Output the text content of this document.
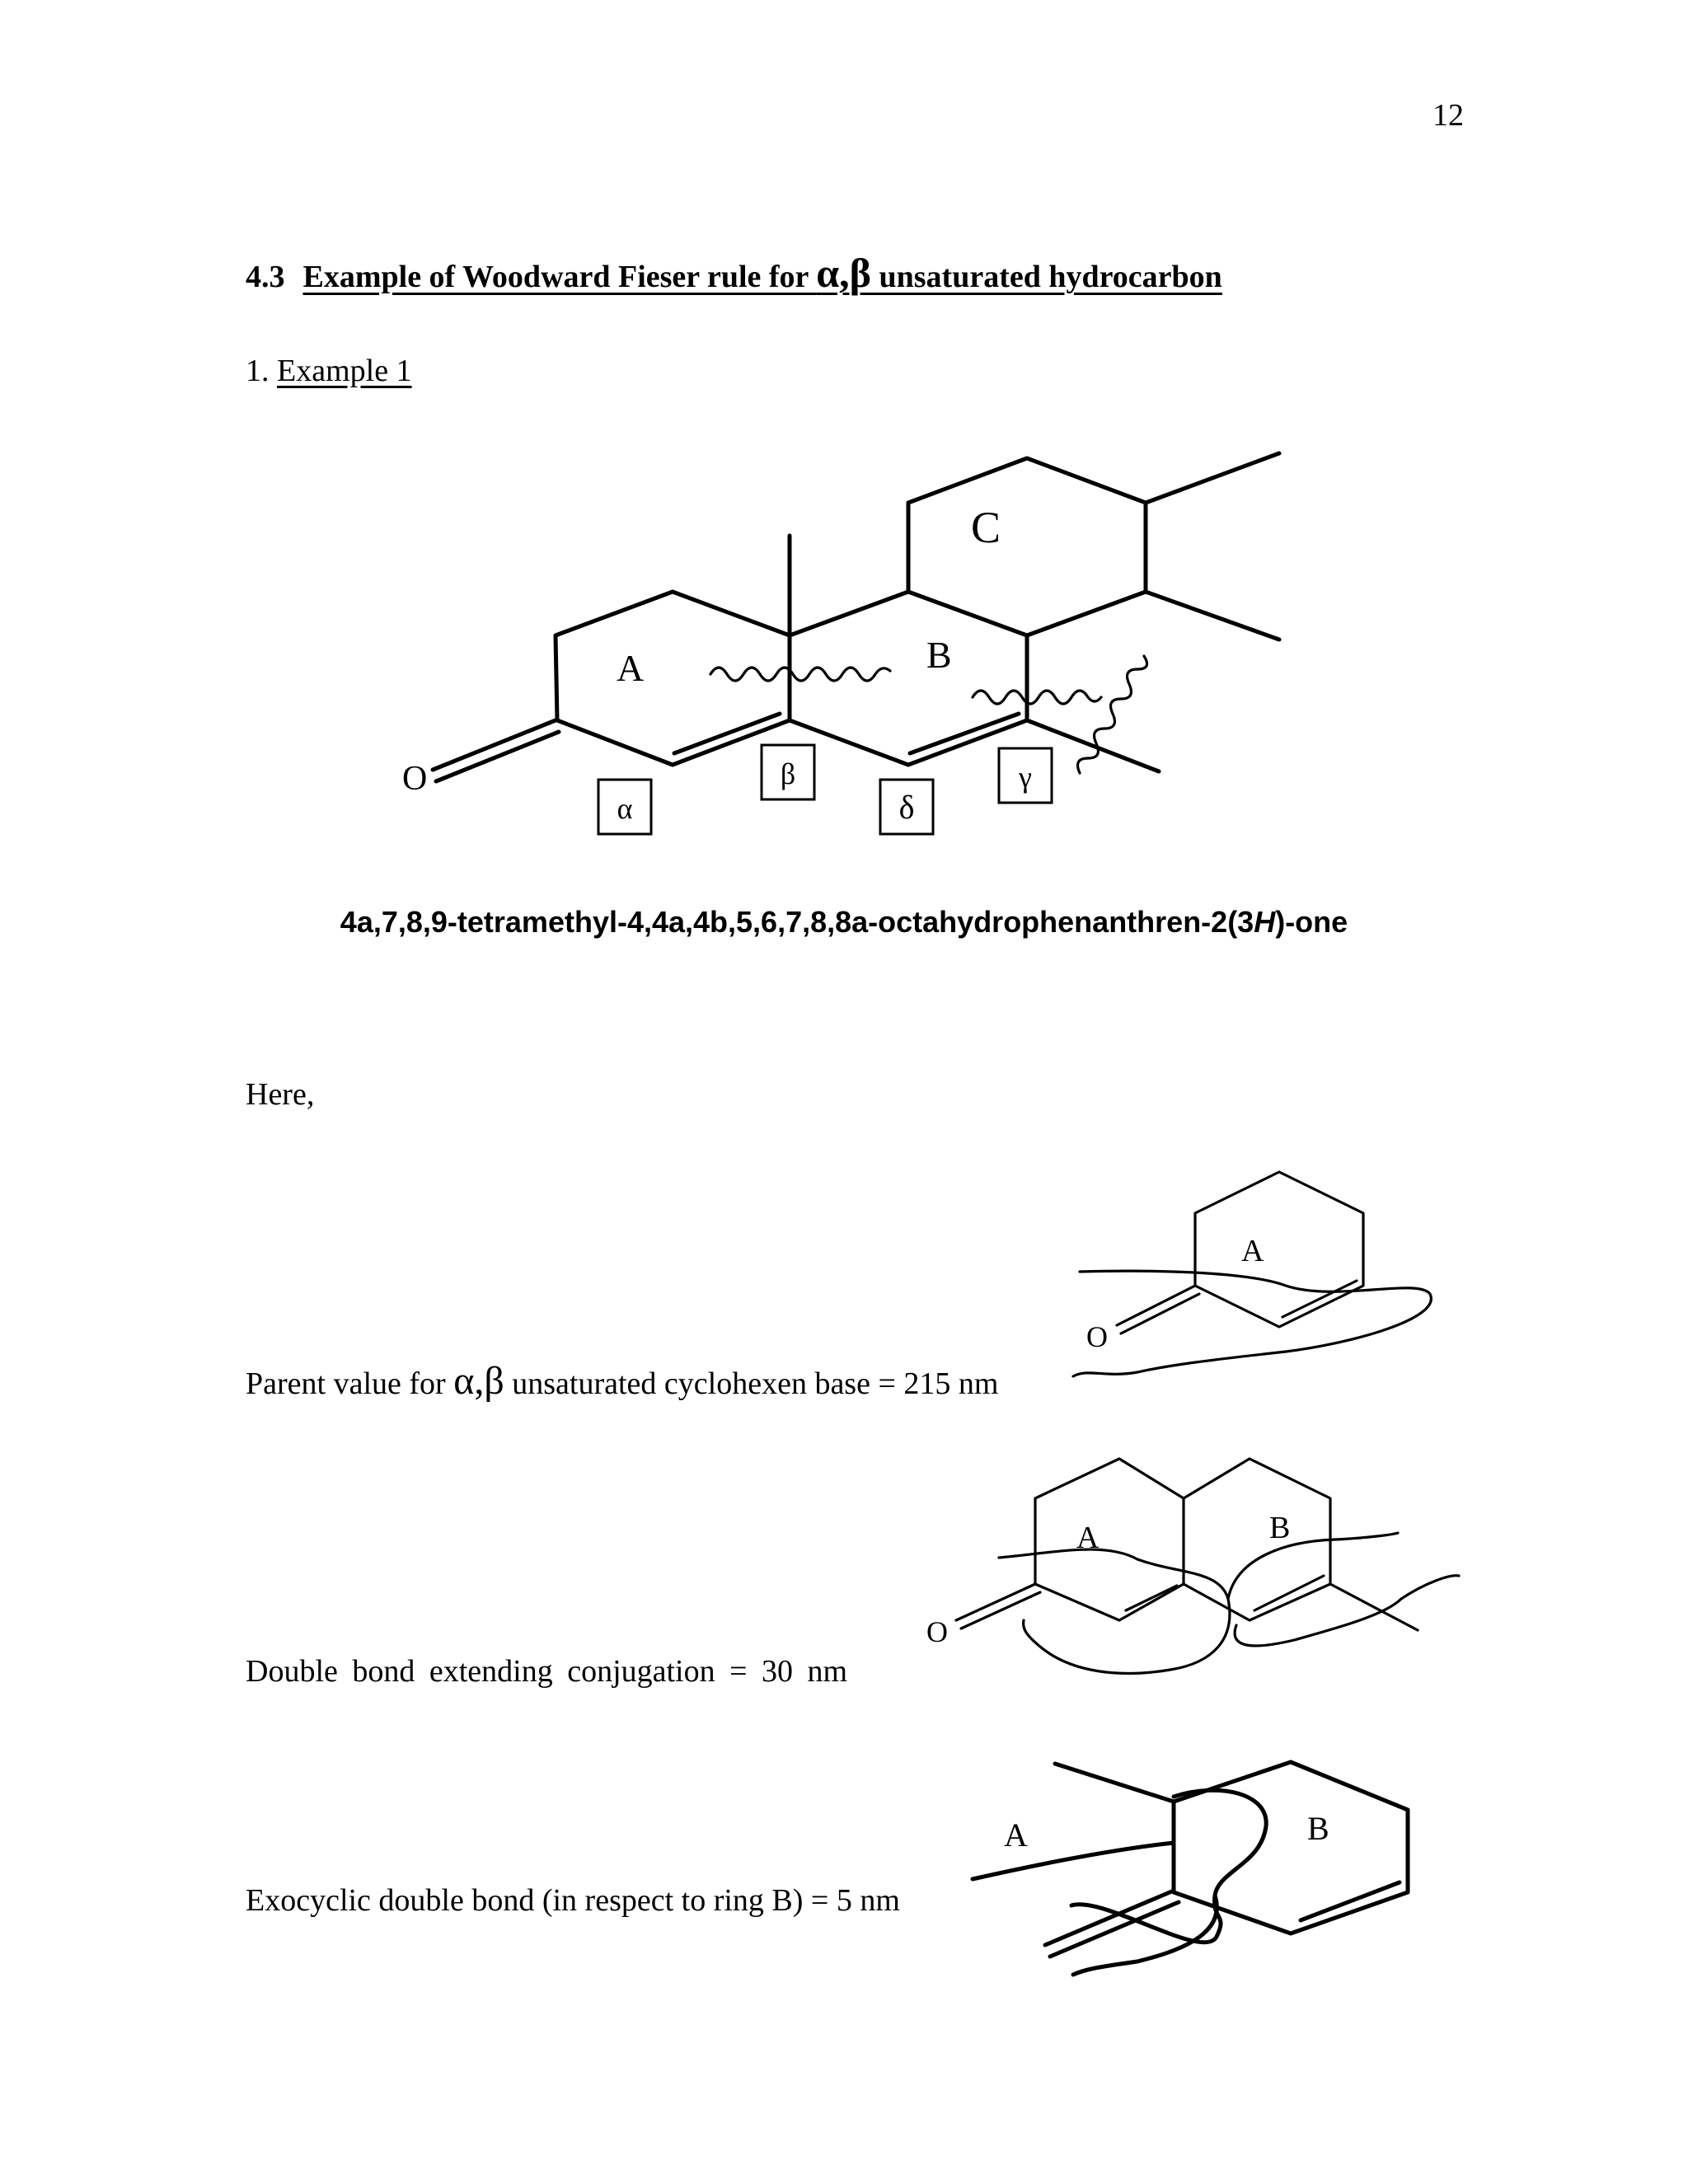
12
4.3 Example of Woodward Fieser rule for α,β unsaturated hydrocarbon
1. Example 1
O
A	B
C
α
β
δ
γ
O
A
O
A	B
A	B
4a,7,8,9-tetramethyl-4,4a,4b,5,6,7,8,8a-octahydrophenanthren-2(3H)-one
Here,
Parent value for α,β unsaturated cyclohexen base = 215 nm
Double bond extending conjugation = 30 nm
Exocyclic double bond (in respect to ring B) = 5 nm
